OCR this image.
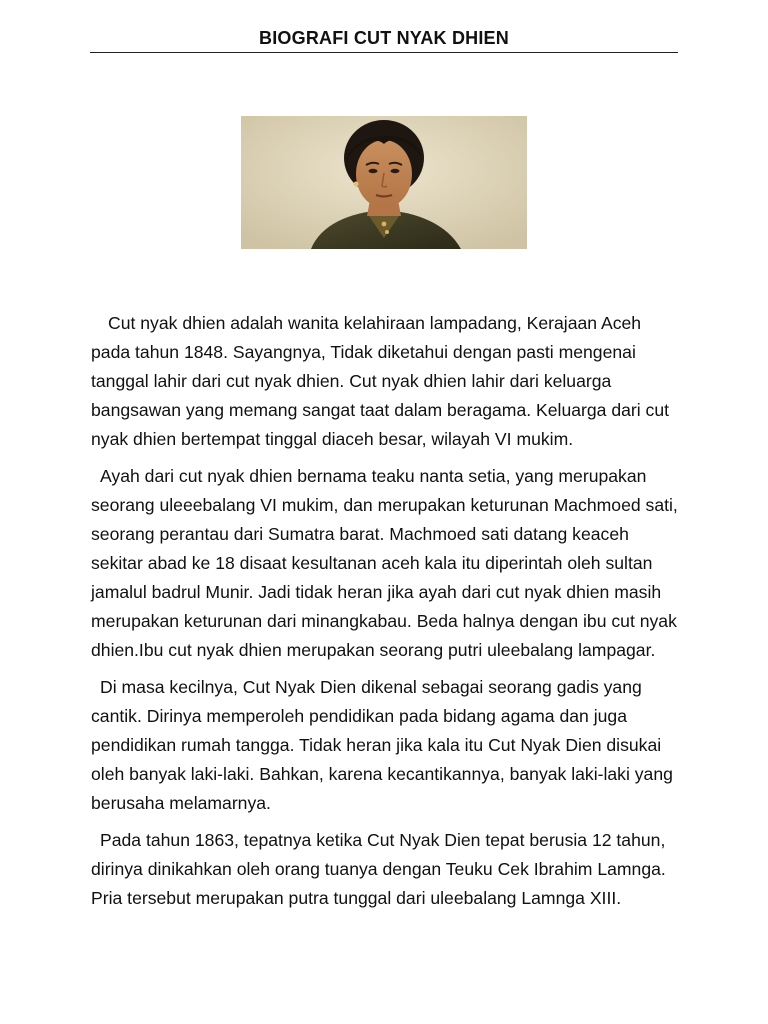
BIOGRAFI CUT NYAK DHIEN

Cut nyak dhien adalah wanita kelahiraan lampadang, Kerajaan Aceh pada tahun 1848. Sayangnya, Tidak diketahui dengan pasti mengenai tanggal lahir dari cut nyak dhien. Cut nyak dhien lahir dari keluarga bangsawan yang memang sangat taat dalam beragama. Keluarga dari cut nyak dhien bertempat tinggal diaceh besar, wilayah VI mukim.

Ayah dari cut nyak dhien bernama teaku nanta setia, yang merupakan seorang uleeebalang VI mukim, dan merupakan keturunan Machmoed sati, seorang perantau dari Sumatra barat. Machmoed sati datang keaceh sekitar abad ke 18 disaat kesultanan aceh kala itu diperintah oleh sultan jamalul badrul Munir. Jadi tidak heran jika ayah dari cut nyak dhien masih merupakan keturunan dari minangkabau. Beda halnya dengan ibu cut nyak dhien.Ibu cut nyak dhien merupakan seorang putri uleebalang lampagar.

Di masa kecilnya, Cut Nyak Dien dikenal sebagai seorang gadis yang cantik. Dirinya memperoleh pendidikan pada bidang agama dan juga pendidikan rumah tangga. Tidak heran jika kala itu Cut Nyak Dien disukai oleh banyak laki-laki. Bahkan, karena kecantikannya, banyak laki-laki yang berusaha melamarnya.

Pada tahun 1863, tepatnya ketika Cut Nyak Dien tepat berusia 12 tahun, dirinya dinikahkan oleh orang tuanya dengan Teuku Cek Ibrahim Lamnga. Pria tersebut merupakan putra tunggal dari uleebalang Lamnga XIII.
